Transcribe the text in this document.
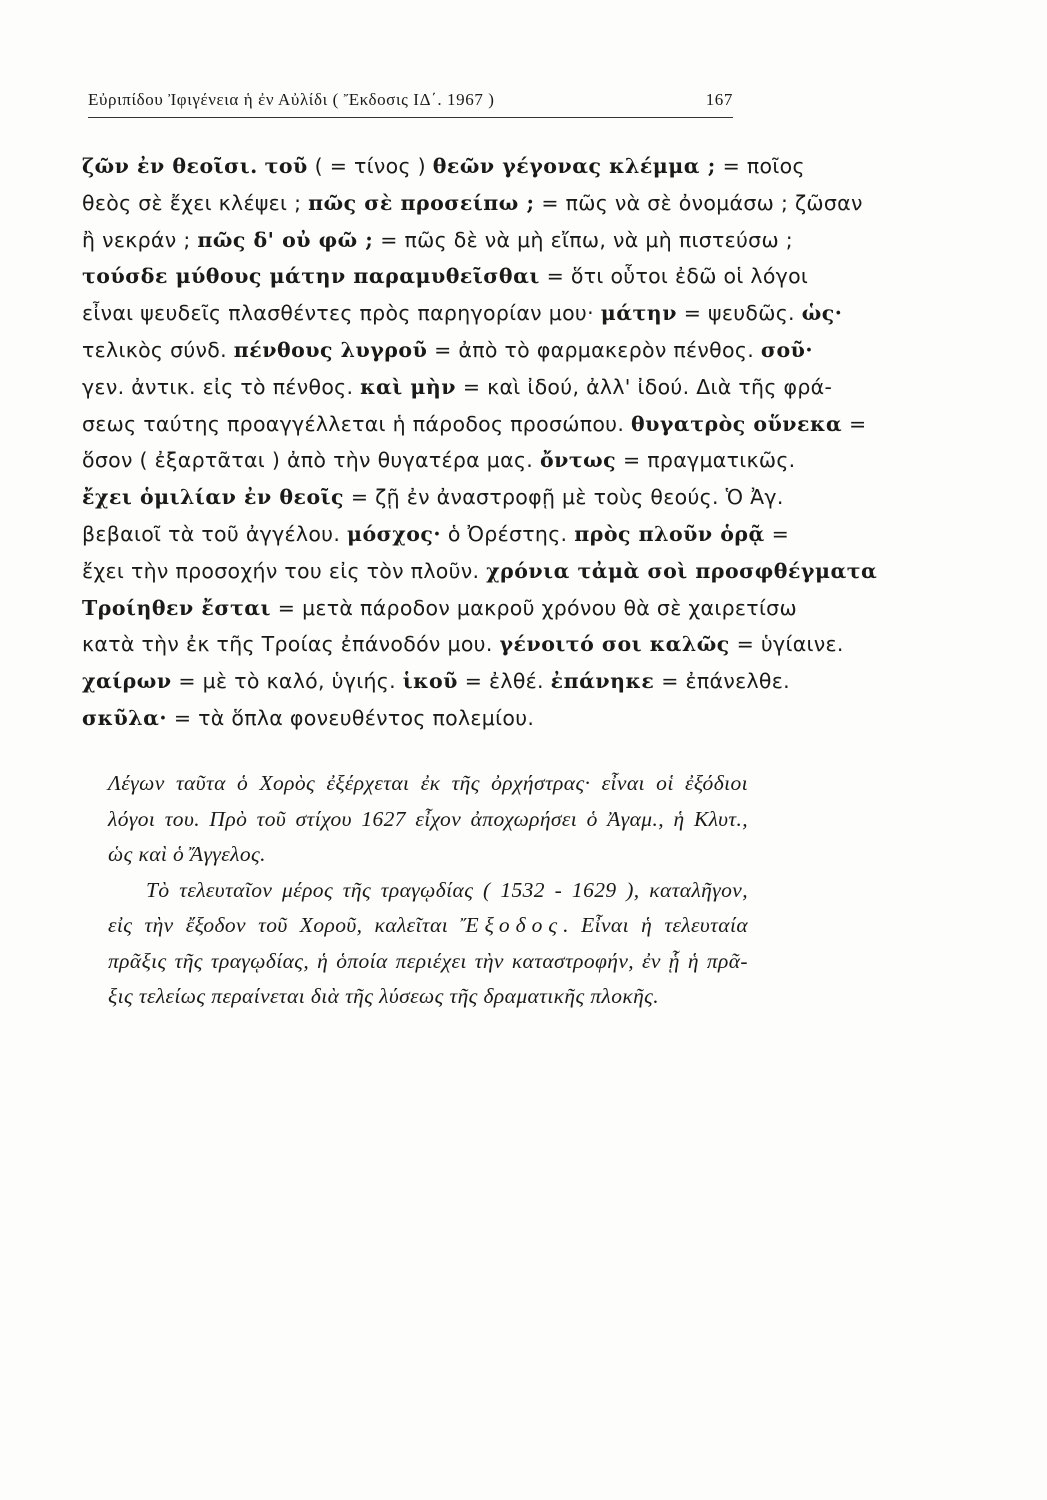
Εὐριπίδου Ἰφιγένεια ἡ ἐν Αὐλίδι ( Ἔκδοσις ΙΔ΄. 1967 )	167
ζῶν ἐν θεοῖσι. τοῦ ( = τίνος ) θεῶν γέγονας κλέμμα ; = ποῖος
θεὸς σὲ ἔχει κλέψει ; πῶς σὲ προσείπω ; = πῶς νὰ σὲ ὀνομάσω ; ζῶσαν
ἢ νεκράν ; πῶς δ' οὐ φῶ ; = πῶς δὲ νὰ μὴ εἴπω, νὰ μὴ πιστεύσω ;
τούσδε μύθους μάτην παραμυθεῖσθαι = ὅτι οὗτοι ἐδῶ οἱ λόγοι
εἶναι ψευδεῖς πλασθέντες πρὸς παρηγορίαν μου· μάτην = ψευδῶς. ὡς·
τελικὸς σύνδ. πένθους λυγροῦ = ἀπὸ τὸ φαρμακερὸν πένθος. σοῦ·
γεν. ἀντικ. εἰς τὸ πένθος. καὶ μὴν = καὶ ἰδού, ἀλλ' ἰδού. Διὰ τῆς φρά-
σεως ταύτης προαγγέλλεται ἡ πάροδος προσώπου. θυγατρὸς οὕνεκα =
ὅσον ( ἐξαρτᾶται ) ἀπὸ τὴν θυγατέρα μας. ὄντως = πραγματικῶς.
ἔχει ὁμιλίαν ἐν θεοῖς = ζῇ ἐν ἀναστροφῇ μὲ τοὺς θεούς. Ὁ Ἀγ.
βεβαιοῖ τὰ τοῦ ἀγγέλου. μόσχος· ὁ Ὀρέστης. πρὸς πλοῦν ὁρᾷ =
ἔχει τὴν προσοχήν του εἰς τὸν πλοῦν. χρόνια τἀμὰ σοὶ προσφθέγματα
Τροίηθεν ἔσται = μετὰ πάροδον μακροῦ χρόνου θὰ σὲ χαιρετίσω
κατὰ τὴν ἐκ τῆς Τροίας ἐπάνοδόν μου. γένοιτό σοι καλῶς = ὑγίαινε.
χαίρων = μὲ τὸ καλό, ὑγιής. ἱκοῦ = ἐλθέ. ἐπάνηκε = ἐπάνελθε.
σκῦλα· = τὰ ὅπλα φονευθέντος πολεμίου.
Λέγων ταῦτα ὁ Χορὸς ἐξέρχεται ἐκ τῆς ὀρχήστρας· εἶναι οἱ ἐξόδιοι
λόγοι του. Πρὸ τοῦ στίχου 1627 εἶχον ἀποχωρήσει ὁ Ἀγαμ., ἡ Κλυτ.,
ὡς καὶ ὁ Ἄγγελος.
Τὸ τελευταῖον μέρος τῆς τραγῳδίας ( 1532 - 1629 ), καταλῆγον,
εἰς τὴν ἔξοδον τοῦ Χοροῦ, καλεῖται Ἔξοδος. Εἶναι ἡ τελευταία
πρᾶξις τῆς τραγῳδίας, ἡ ὁποία περιέχει τὴν καταστροφήν, ἐν ᾗ ἡ πρᾶ-
ξις τελείως περαίνεται διὰ τῆς λύσεως τῆς δραματικῆς πλοκῆς.
